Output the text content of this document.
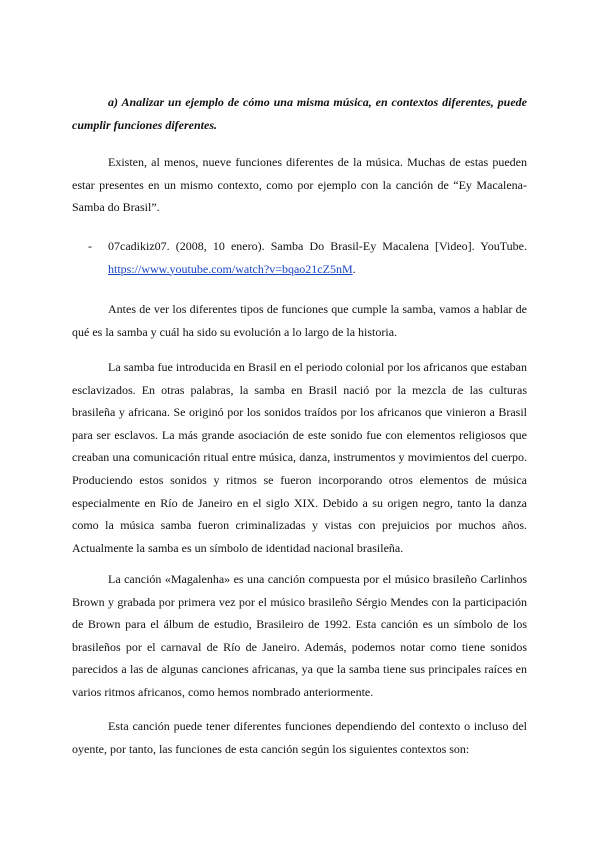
a) Analizar un ejemplo de cómo una misma música, en contextos diferentes, puede cumplir funciones diferentes.

Existen, al menos, nueve funciones diferentes de la música. Muchas de estas pueden estar presentes en un mismo contexto, como por ejemplo con la canción de “Ey Macalena-Samba do Brasil”.

- 07cadikiz07. (2008, 10 enero). Samba Do Brasil-Ey Macalena [Video]. YouTube. https://www.youtube.com/watch?v=bqao21cZ5nM.

Antes de ver los diferentes tipos de funciones que cumple la samba, vamos a hablar de qué es la samba y cuál ha sido su evolución a lo largo de la historia.

La samba fue introducida en Brasil en el periodo colonial por los africanos que estaban esclavizados. En otras palabras, la samba en Brasil nació por la mezcla de las culturas brasileña y africana. Se originó por los sonidos traídos por los africanos que vinieron a Brasil para ser esclavos. La más grande asociación de este sonido fue con elementos religiosos que creaban una comunicación ritual entre música, danza, instrumentos y movimientos del cuerpo. Produciendo estos sonidos y ritmos se fueron incorporando otros elementos de música especialmente en Río de Janeiro en el siglo XIX. Debido a su origen negro, tanto la danza como la música samba fueron criminalizadas y vistas con prejuicios por muchos años. Actualmente la samba es un símbolo de identidad nacional brasileña.

La canción «Magalenha» es una canción compuesta por el músico brasileño Carlinhos Brown y grabada por primera vez por el músico brasileño Sérgio Mendes con la participación de Brown para el álbum de estudio, Brasileiro de 1992. Esta canción es un símbolo de los brasileños por el carnaval de Río de Janeiro. Además, podemos notar como tiene sonidos parecidos a las de algunas canciones africanas, ya que la samba tiene sus principales raíces en varios ritmos africanos, como hemos nombrado anteriormente.

Esta canción puede tener diferentes funciones dependiendo del contexto o incluso del oyente, por tanto, las funciones de esta canción según los siguientes contextos son:
